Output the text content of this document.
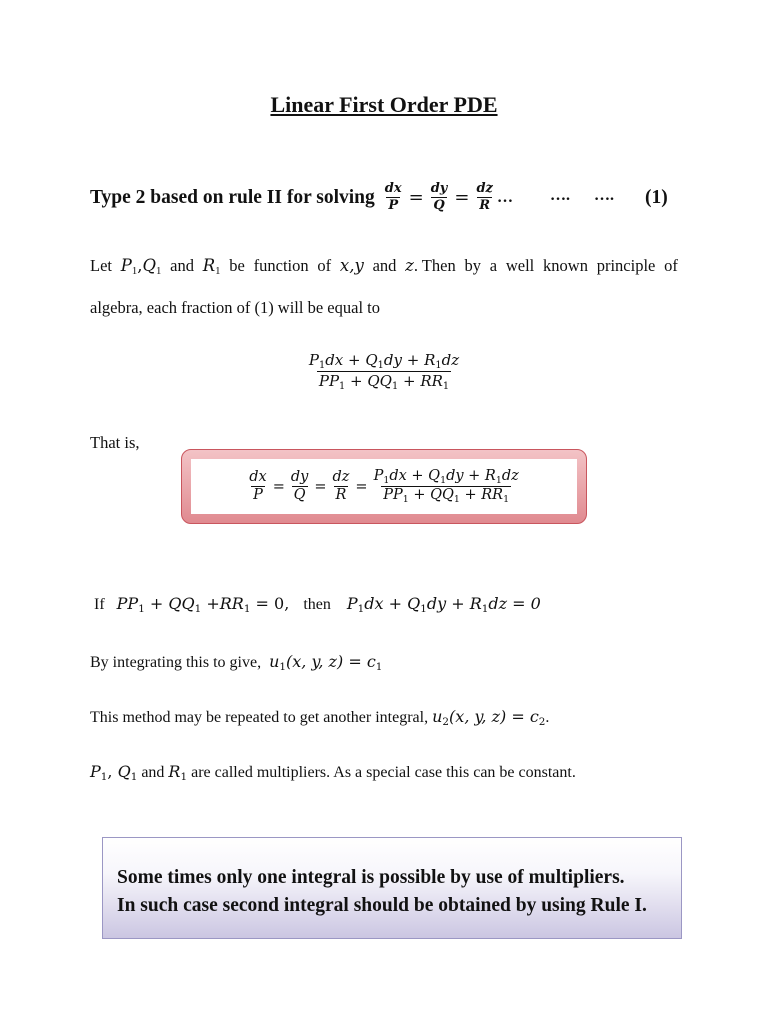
Linear First Order PDE
Type 2 based on rule II for solving $\frac{dx}{P} = \frac{dy}{Q} = \frac{dz}{R}$ … …. …. (1)
Let $P_1,Q_1$ and $R_1$ be function of x,y and z. Then by a well known principle of
algebra, each fraction of (1) will be equal to
$\frac{P_1dx + Q_1dy + R_1dz}{PP_1 + QQ_1 + RR_1}$
That is,
$\frac{dx}{P} = \frac{dy}{Q} = \frac{dz}{R} = \frac{P_1dx + Q_1dy + R_1dz}{PP_1 + QQ_1 + RR_1}$
If $PP_1 + QQ_1 +RR_1 = 0$, then $P_1dx + Q_1dy + R_1dz = 0$
By integrating this to give, $u_1(x$, y, $z) = c_1$
This method may be repeated to get another integral, $u_2(x$, y, $z) = c_2$.
$P_1$, $Q_1$ and $R_1$ are called multipliers. As a special case this can be constant.
Some times only one integral is possible by use of multipliers.
In such case second integral should be obtained by using Rule I.
